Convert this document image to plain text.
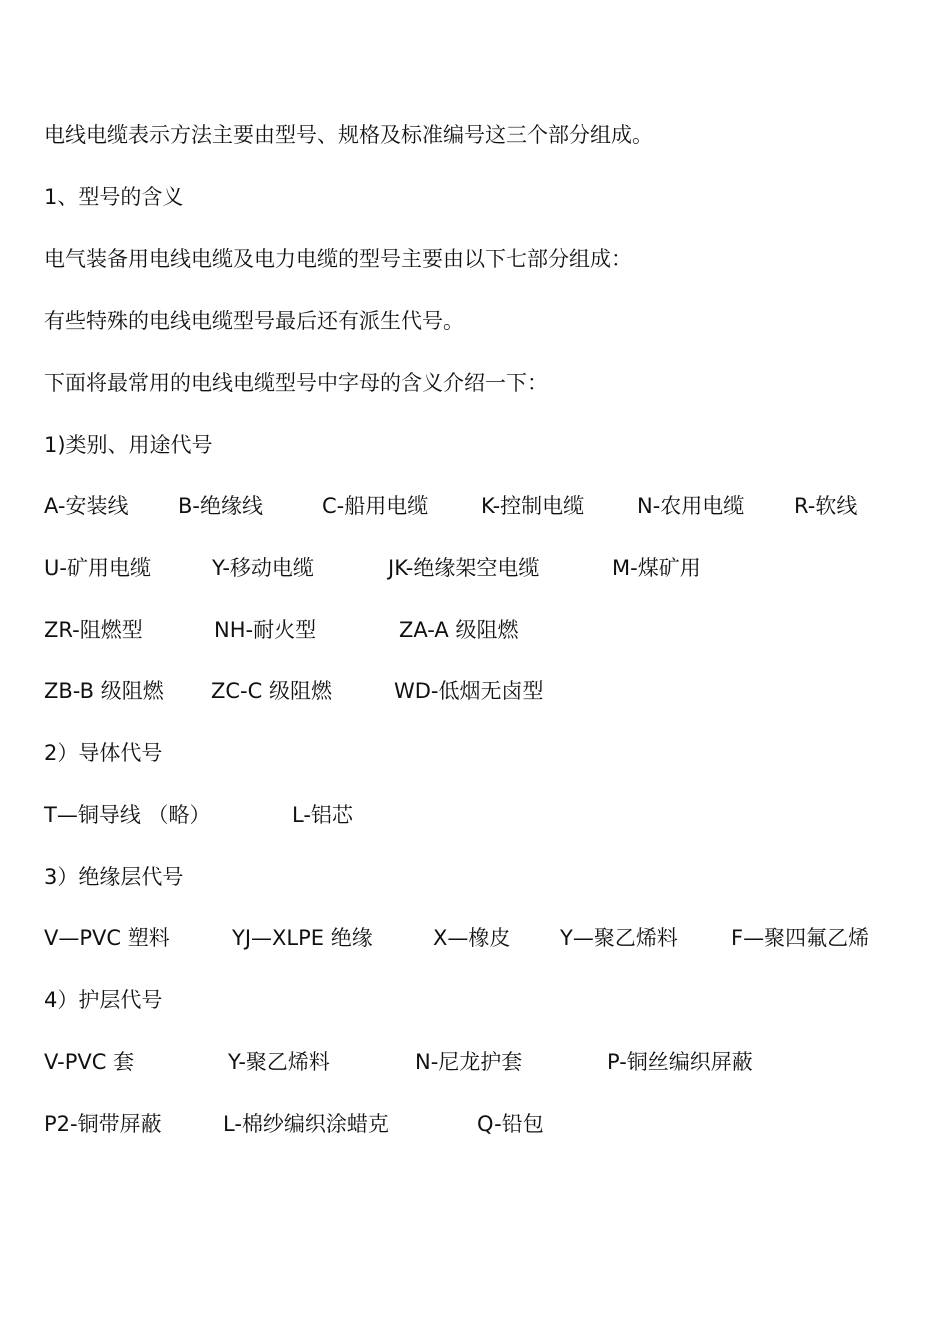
电线电缆表示方法主要由型号、规格及标准编号这三个部分组成。
1、型号的含义
电气装备用电线电缆及电力电缆的型号主要由以下七部分组成：
有些特殊的电线电缆型号最后还有派生代号。
下面将最常用的电线电缆型号中字母的含义介绍一下：
1)类别、用途代号
A-安装线 B-绝缘线	C-船用电缆	K-控制电缆	N-农用电缆 R-软线
U-矿用电缆	Y-移动电缆	JK-绝缘架空电缆	M-煤矿用
ZR-阻燃型	NH-耐火型	ZA-A 级阻燃
ZB-B 级阻燃 ZC-C 级阻燃	WD-低烟无卤型
2）导体代号
T—铜导线 （略）	L-铝芯
3）绝缘层代号
V—PVC 塑料	YJ—XLPE 绝缘	X—橡皮 Y—聚乙烯料	F—聚四氟乙烯
4）护层代号
V-PVC 套	Y-聚乙烯料	N-尼龙护套	P-铜丝编织屏蔽
P2-铜带屏蔽	L-棉纱编织涂蜡克	Q-铅包
